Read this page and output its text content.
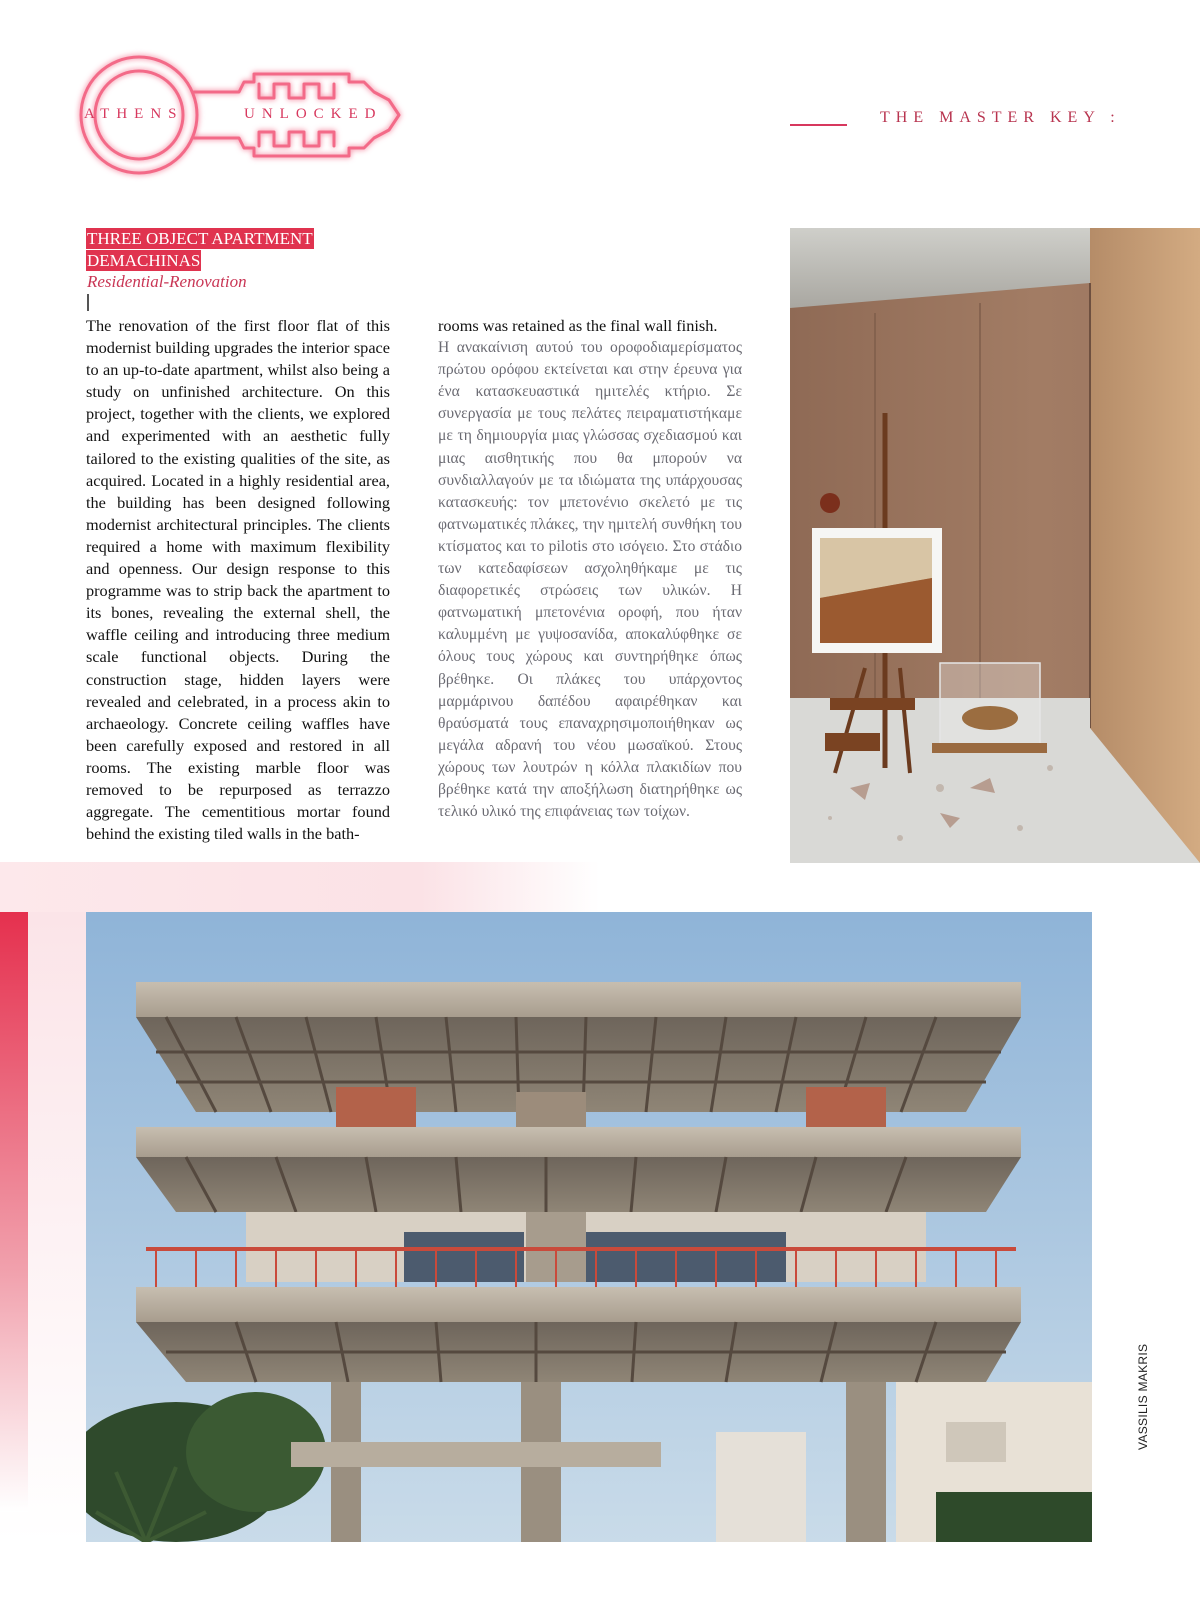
ATHENS	UNLOCKED	THE MASTER KEY :
THREE OBJECT APARTMENT
DEMACHINAS
Residential-Renovation
The renovation of the first floor flat of this modernist building upgrades the interior space to an up-to-date apartment, whilst also being a study on unfinished architecture. On this project, together with the clients, we explored and experimented with an aesthetic fully tailored to the existing qualities of the site, as acquired. Located in a highly residential area, the building has been designed following modernist architectural principles. The clients required a home with maximum flexibility and openness. Our design response to this programme was to strip back the apartment to its bones, revealing the external shell, the waffle ceiling and introducing three medium scale functional objects. During the construction stage, hidden layers were revealed and celebrated, in a process akin to archaeology. Concrete ceiling waffles have been carefully exposed and restored in all rooms. The existing marble floor was removed to be repurposed as terrazzo aggregate. The cementitious mortar found behind the existing tiled walls in the bath-
rooms was retained as the final wall finish.
Η ανακαίνιση αυτού του οροφοδιαμερίσματος πρώτου ορόφου εκτείνεται και στην έρευνα για ένα κατασκευαστικά ημιτελές κτήριο. Σε συνεργασία με τους πελάτες πειραματιστήκαμε με τη δημιουργία μιας γλώσσας σχεδιασμού και μιας αισθητικής που θα μπορούν να συνδιαλλαγούν με τα ιδιώματα της υπάρχουσας κατασκευής: τον μπετονένιο σκελετό με τις φατνωματικές πλάκες, την ημιτελή συνθήκη του κτίσματος και το pilotis στο ισόγειο. Στο στάδιο των κατεδαφίσεων ασχοληθήκαμε με τις διαφορετικές στρώσεις των υλικών. Η φατνωματική μπετονένια οροφή, που ήταν καλυμμένη με γυψοσανίδα, αποκαλύφθηκε σε όλους τους χώρους και συντηρήθηκε όπως βρέθηκε. Οι πλάκες του υπάρχοντος μαρμάρινου δαπέδου αφαιρέθηκαν και θραύσματά τους επαναχρησιμοποιήθηκαν ως μεγάλα αδρανή του νέου μωσαϊκού. Στους χώρους των λουτρών η κόλλα πλακιδίων που βρέθηκε κατά την αποξήλωση διατηρήθηκε ως τελικό υλικό της επιφάνειας των τοίχων.
VASSILIS MAKRIS
